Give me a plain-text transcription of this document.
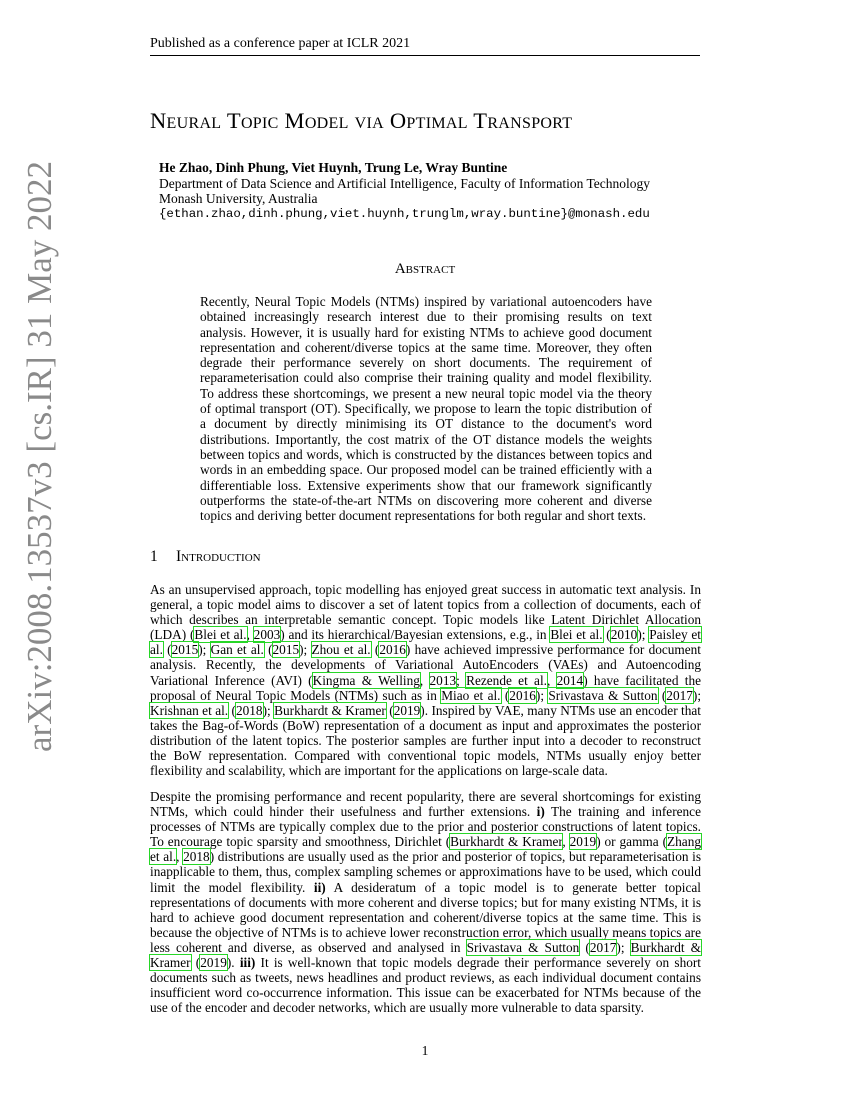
Published as a conference paper at ICLR 2021
arXiv:2008.13537v3 [cs.IR] 31 May 2022
Neural Topic Model via Optimal Transport
He Zhao, Dinh Phung, Viet Huynh, Trung Le, Wray Buntine
Department of Data Science and Artificial Intelligence, Faculty of Information Technology
Monash University, Australia
{ethan.zhao,dinh.phung,viet.huynh,trunglm,wray.buntine}@monash.edu
Abstract
Recently, Neural Topic Models (NTMs) inspired by variational autoencoders have obtained increasingly research interest due to their promising results on text analysis. However, it is usually hard for existing NTMs to achieve good document representation and coherent/diverse topics at the same time. Moreover, they often degrade their performance severely on short documents. The requirement of reparameterisation could also comprise their training quality and model flexibility. To address these shortcomings, we present a new neural topic model via the theory of optimal transport (OT). Specifically, we propose to learn the topic distribution of a document by directly minimising its OT distance to the document's word distributions. Importantly, the cost matrix of the OT distance models the weights between topics and words, which is constructed by the distances between topics and words in an embedding space. Our proposed model can be trained efficiently with a differentiable loss. Extensive experiments show that our framework significantly outperforms the state-of-the-art NTMs on discovering more coherent and diverse topics and deriving better document representations for both regular and short texts.
1 Introduction
As an unsupervised approach, topic modelling has enjoyed great success in automatic text analysis. In general, a topic model aims to discover a set of latent topics from a collection of documents, each of which describes an interpretable semantic concept. Topic models like Latent Dirichlet Allocation (LDA) (Blei et al., 2003) and its hierarchical/Bayesian extensions, e.g., in Blei et al. (2010); Paisley et al. (2015); Gan et al. (2015); Zhou et al. (2016) have achieved impressive performance for document analysis. Recently, the developments of Variational AutoEncoders (VAEs) and Autoencoding Variational Inference (AVI) (Kingma & Welling, 2013; Rezende et al., 2014) have facilitated the proposal of Neural Topic Models (NTMs) such as in Miao et al. (2016); Srivastava & Sutton (2017); Krishnan et al. (2018); Burkhardt & Kramer (2019). Inspired by VAE, many NTMs use an encoder that takes the Bag-of-Words (BoW) representation of a document as input and approximates the posterior distribution of the latent topics. The posterior samples are further input into a decoder to reconstruct the BoW representation. Compared with conventional topic models, NTMs usually enjoy better flexibility and scalability, which are important for the applications on large-scale data.
Despite the promising performance and recent popularity, there are several shortcomings for existing NTMs, which could hinder their usefulness and further extensions. i) The training and inference processes of NTMs are typically complex due to the prior and posterior constructions of latent topics. To encourage topic sparsity and smoothness, Dirichlet (Burkhardt & Kramer, 2019) or gamma (Zhang et al., 2018) distributions are usually used as the prior and posterior of topics, but reparameterisation is inapplicable to them, thus, complex sampling schemes or approximations have to be used, which could limit the model flexibility. ii) A desideratum of a topic model is to generate better topical representations of documents with more coherent and diverse topics; but for many existing NTMs, it is hard to achieve good document representation and coherent/diverse topics at the same time. This is because the objective of NTMs is to achieve lower reconstruction error, which usually means topics are less coherent and diverse, as observed and analysed in Srivastava & Sutton (2017); Burkhardt & Kramer (2019). iii) It is well-known that topic models degrade their performance severely on short documents such as tweets, news headlines and product reviews, as each individual document contains insufficient word co-occurrence information. This issue can be exacerbated for NTMs because of the use of the encoder and decoder networks, which are usually more vulnerable to data sparsity.
1
